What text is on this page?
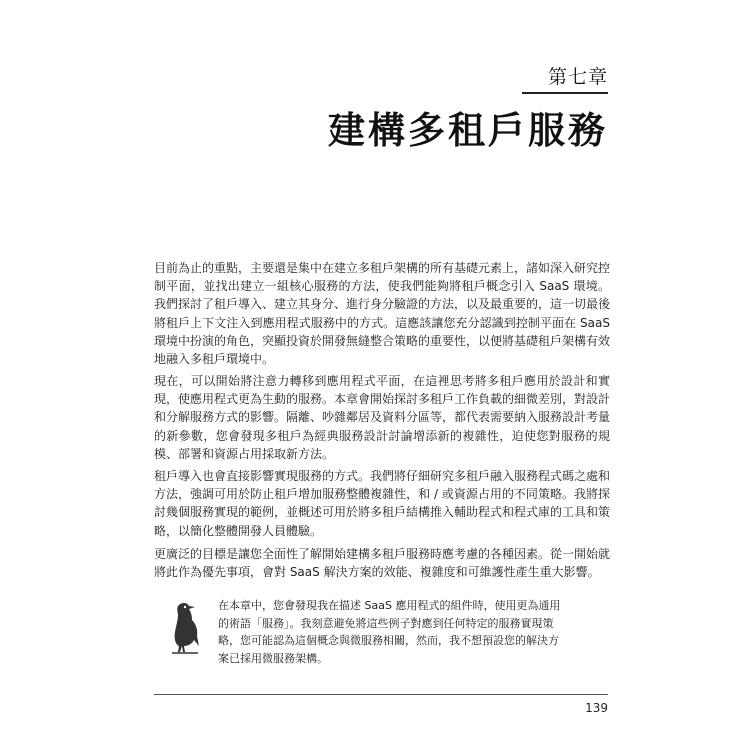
第七章
建構多租戶服務

目前為止的重點，主要還是集中在建立多租戶架構的所有基礎元素上，諸如深入研究控制平面，並找出建立一組核心服務的方法，使我們能夠將租戶概念引入 SaaS 環境。我們探討了租戶導入、建立其身分、進行身分驗證的方法，以及最重要的，這一切最後將租戶上下文注入到應用程式服務中的方式。這應該讓您充分認識到控制平面在 SaaS 環境中扮演的角色，突顯投資於開發無縫整合策略的重要性，以便將基礎租戶架構有效地融入多租戶環境中。

現在，可以開始將注意力轉移到應用程式平面，在這裡思考將多租戶應用於設計和實現，使應用程式更為生動的服務。本章會開始探討多租戶工作負載的細微差別，對設計和分解服務方式的影響。隔離、吵雜鄰居及資料分區等，都代表需要納入服務設計考量的新參數，您會發現多租戶為經典服務設計討論增添新的複雜性，迫使您對服務的規模、部署和資源占用採取新方法。

租戶導入也會直接影響實現服務的方式。我們將仔細研究多租戶融入服務程式碼之處和方法，強調可用於防止租戶增加服務整體複雜性，和 / 或資源占用的不同策略。我將探討幾個服務實現的範例，並概述可用於將多租戶結構推入輔助程式和程式庫的工具和策略，以簡化整體開發人員體驗。

更廣泛的目標是讓您全面性了解開始建構多租戶服務時應考慮的各種因素。從一開始就將此作為優先事項，會對 SaaS 解決方案的效能、複雜度和可維護性產生重大影響。

在本章中，您會發現我在描述 SaaS 應用程式的組件時，使用更為通用的術語「服務」。我刻意避免將這些例子對應到任何特定的服務實現策略，您可能認為這個概念與微服務相關，然而，我不想預設您的解決方案已採用微服務架構。

139
